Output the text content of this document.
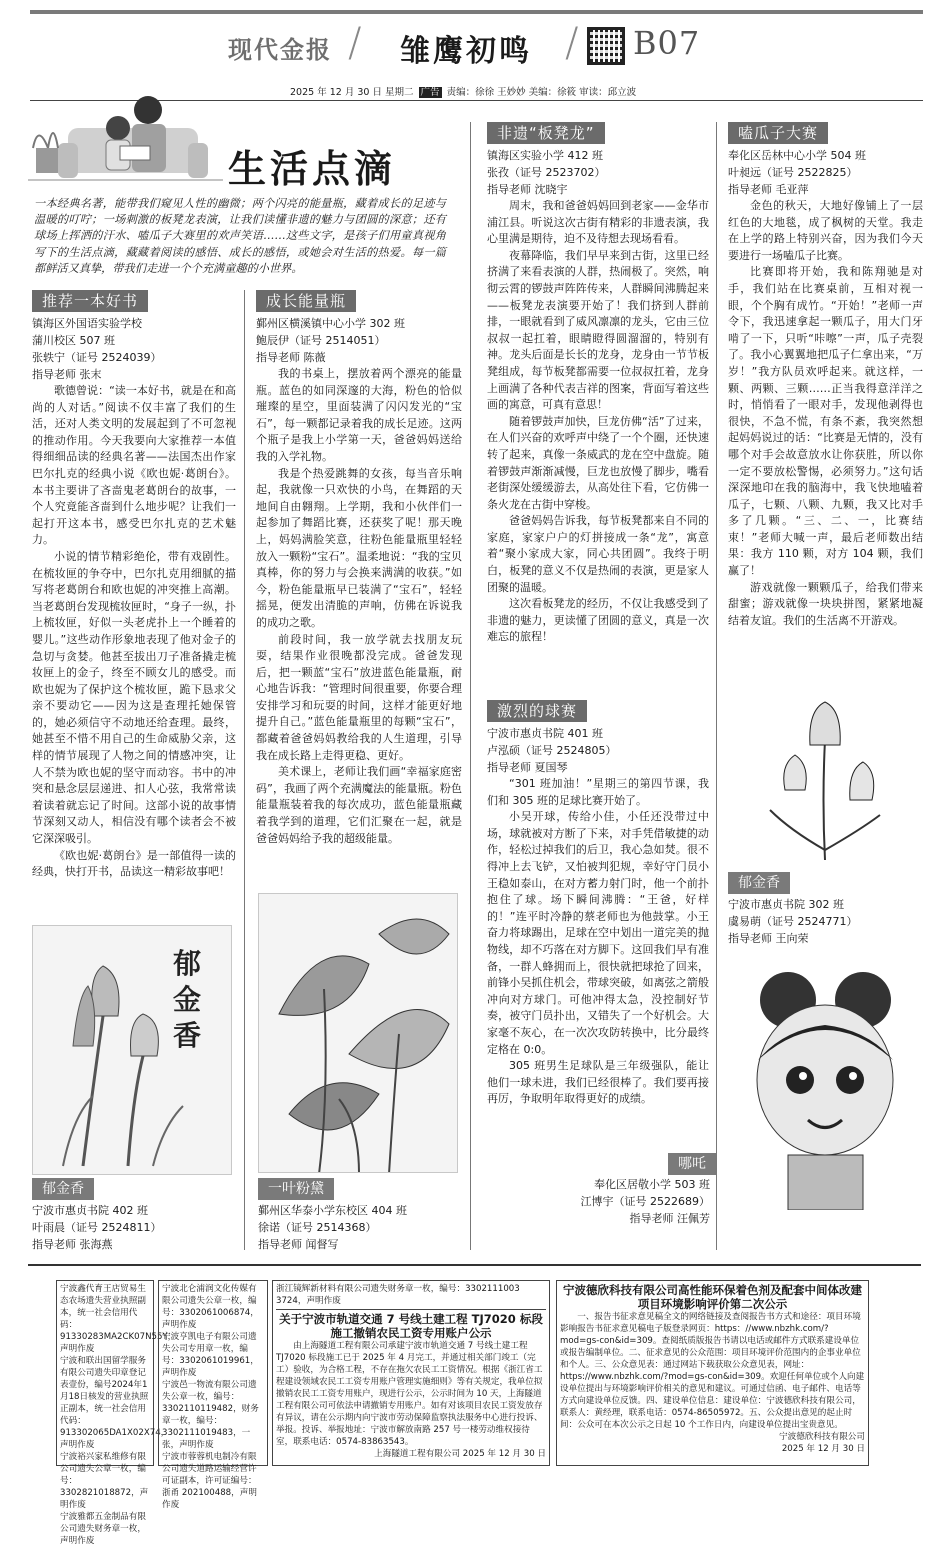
现代金报 / 雏鹰初鸣 / B07
2025 年 12 月 30 日 星期二 广告 责编：徐徐 王妙妙 美编：徐筱 审读：邱立波
生活点滴
一本经典名著，能带我们窥见人性的幽微；两个闪亮的能量瓶，藏着成长的足迹与温暖的叮咛；一场刺激的板凳龙表演，让我们读懂非遗的魅力与团圆的深意；还有球场上挥洒的汗水、嗑瓜子大赛里的欢声笑语……这些文字，是孩子们用童真视角写下的生活点滴，藏藏着阅读的感悟、成长的感悟，或她会对生活的热爱。每一篇都鲜活又真挚，带我们走进一个个充满童趣的小世界。
推荐一本好书
镇海区外国语实验学校
蒲川校区 507 班
张轶宁（证号 2524039）
指导老师 张末

歌德曾说：“读一本好书，就是在和高尚的人对话。”阅读不仅丰富了我们的生活，还对人类文明的发展起到了不可忽视的推动作用。今天我要向大家推荐一本值得细细品读的经典名著——法国杰出作家巴尔扎克的经典小说《欧也妮·葛朗台》。本书主要讲了吝啬鬼老葛朗台的故事，一个人究竟能吝啬到什么地步呢？让我们一起打开这本书，感受巴尔扎克的艺术魅力。

小说的情节精彩绝伦，带有戏剧性。在梳妆匣的争夺中，巴尔扎克用细腻的描写将老葛朗台和欧也妮的冲突推上高潮。当老葛朗台发现梳妆匣时，“身子一纵，扑上梳妆匣，好似一头老虎扑上一个睡着的婴儿。”这些动作形象地表现了他对金子的急切与贪婪。他甚至拔出刀子准备撬走梳妆匣上的金子，终至不顾女儿的感受。而欧也妮为了保护这个梳妆匣，跪下恳求父亲不要动它——因为这是查理托她保管的，她必须信守不动地还给查理。最终，她甚至不惜不用自己的生命威胁父亲，这样的情节展现了人物之间的情感冲突，让人不禁为欧也妮的坚守而动容。书中的冲突和悬念层层递进、扣人心弦，我常常读着读着就忘记了时间。这部小说的故事情节深刻又动人，相信没有哪个读者会不被它深深吸引。

《欧也妮·葛朗台》是一部值得一读的经典，快打开书，品读这一精彩故事吧！

郁金香
郁金香
宁波市惠贞书院 402 班
叶雨晨（证号 2524811）
指导老师 张海燕
成长能量瓶
鄞州区横溪镇中心小学 302 班
鲍辰伊（证号 2514051）
指导老师 陈薇

我的书桌上，摆放着两个漂亮的能量瓶。蓝色的如同深邃的大海，粉色的恰似璀璨的星空，里面装满了闪闪发光的“宝石”，每一颗都记录着我的成长足迹。这两个瓶子是我上小学第一天，爸爸妈妈送给我的入学礼物。

我是个热爱跳舞的女孩，每当音乐响起，我就像一只欢快的小鸟，在舞蹈的天地间自由翱翔。上学期，我和小伙伴们一起参加了舞蹈比赛，还获奖了呢！那天晚上，妈妈满脸笑意，往粉色能量瓶里轻轻放入一颗粉“宝石”。温柔地说：“我的宝贝真棒，你的努力与会换来满满的收获。”如今，粉色能量瓶早已装满了“宝石”，轻轻摇晃，便发出清脆的声响，仿佛在诉说我的成功之歌。

前段时间，我一放学就去找朋友玩耍，结果作业很晚都没完成。爸爸发现后，把一颗蓝“宝石”放进蓝色能量瓶，耐心地告诉我：“管理时间很重要，你要合理安排学习和玩耍的时间，这样才能更好地提升自己。”蓝色能量瓶里的每颗“宝石”，都藏着爸爸妈妈教给我的人生道理，引导我在成长路上走得更稳、更好。

美术课上，老师让我们画“幸福家庭密码”，我画了两个充满魔法的能量瓶。粉色能量瓶装着我的每次成功，蓝色能量瓶藏着我学到的道理，它们汇聚在一起，就是爸爸妈妈给予我的超级能量。

一叶粉黛
鄞州区华泰小学东校区 404 班
徐诺（证号 2514368）
指导老师 闻督写
非遗“板凳龙”
镇海区实验小学 412 班
张孜（证号 2523702）
指导老师 沈晓宇

周末，我和爸爸妈妈回到老家——金华市浦江县。听说这次古街有精彩的非遗表演，我心里满是期待，迫不及待想去现场看看。

夜幕降临，我们早早来到古街，这里已经挤满了来看表演的人群，热闹极了。突然，响彻云霄的锣鼓声阵阵传来，人群瞬间沸腾起来——板凳龙表演要开始了！我们挤到人群前排，一眼就看到了威风凛凛的龙头，它由三位叔叔一起扛着，眼睛瞪得圆溜溜的，特别有神。龙头后面是长长的龙身，龙身由一节节板凳组成，每节板凳都需要一位叔叔扛着，龙身上画满了各种代表吉祥的图案，背面写着这些画的寓意，可真有意思！

随着锣鼓声加快，巨龙仿佛“活”了过来，在人们兴奋的欢呼声中绕了一个个圈，还快速转了起来，真像一条威武的龙在空中盘旋。随着锣鼓声渐渐减慢，巨龙也放慢了脚步，嘴看老街深处缓缓游去，从高处往下看，它仿佛一条火龙在古街中穿梭。

爸爸妈妈告诉我，每节板凳都来自不同的家庭，家家户户的灯拼接成一条“龙”，寓意着“聚小家成大家，同心共团圆”。我终于明白，板凳的意义不仅是热闹的表演，更是家人团聚的温暖。

这次看板凳龙的经历，不仅让我感受到了非遗的魅力，更读懂了团圆的意义，真是一次难忘的旅程！

激烈的球赛
宁波市惠贞书院 401 班
卢泓硕（证号 2524805）
指导老师 夏国琴

“301 班加油！”星期三的第四节课，我们和 305 班的足球比赛开始了。

小吴开球，传给小佳，小任还没带过中场，球就被对方断了下来，对手凭借敏捷的动作，轻松过掉我们的后卫，我心急如焚。很不得冲上去飞铲，又怕被判犯规，幸好守门员小王稳如泰山，在对方蓄力射门时，他一个前扑抱住了球。场下瞬间沸腾：“王爸，好样的！”连平时冷静的蔡老师也为他鼓掌。小王奋力将球踢出，足球在空中划出一道完美的抛物线，却不巧落在对方脚下。这回我们早有准备，一群人蜂拥而上，很快就把球抢了回来，前锋小吴抓住机会，带球突破，如离弦之箭般冲向对方球门。可他冲得太急，没控制好节奏，被守门员扑出，又错失了一个好机会。大家毫不灰心，在一次次攻防转换中，比分最终定格在 0:0。

305 班男生足球队是三年级强队，能让他们一球未进，我们已经很棒了。我们要再接再厉，争取明年取得更好的成绩。

哪吒
奉化区居敬小学 503 班
江博宇（证号 2522689）
指导老师 汪佩芳
嗑瓜子大赛
奉化区岳林中心小学 504 班
叶昶远（证号 2522825）
指导老师 毛亚萍

金色的秋天，大地好像铺上了一层红色的大地毯，成了枫树的天堂。我走在上学的路上特别兴奋，因为我们今天要进行一场嗑瓜子比赛。

比赛即将开始，我和陈翔驰是对手，我们站在比赛桌前，互相对视一眼，个个胸有成竹。“开始！”老师一声令下，我迅速拿起一颗瓜子，用大门牙啃了一下，只听“咔嚓”一声，瓜子壳裂了。我小心翼翼地把瓜子仁拿出来，“万岁！”我方队员欢呼起来。就这样，一颗、两颗、三颗……正当我得意洋洋之时，悄悄看了一眼对手，发现他剥得也很快，不急不慌，有条不紊，我突然想起妈妈说过的话：“比赛是无情的，没有哪个对手会故意放水让你获胜，所以你一定不要放松警惕，必须努力。”这句话深深地印在我的脑海中，我飞快地嗑着瓜子，七颗、八颗、九颗，我又比对手多了几颗。“三、二、一，比赛结束！”老师大喊一声，最后老师数出结果：我方 110 颗，对方 104 颗，我们赢了！

游戏就像一颗颗瓜子，给我们带来甜蜜；游戏就像一块块拼图，紧紧地凝结着友谊。我们的生活离不开游戏。

郁金香
宁波市惠贞书院 302 班
虞易萌（证号 2524771）
指导老师 王向荣
宁波鑫代育王店贸易生态农场遗失营业执照副本，统一社会信用代码：91330283MA2CK07N55Y，声明作废
宁波和联出国留学服务有限公司遗失印章登记表壹份，编号2024年1月18日核发的营业执照正副本，统一社会信用代码：913302065DA1X02X74，声明作废
宁波裕兴家私维修有限公司遗失公章一枚，编号：3302821018872，声明作废
宁波雅都五金制品有限公司遗失财务章一枚，声明作废
宁波北仑浦润文化传媒有限公司遗失公章一枚，编号：3302061006874，声明作废
宁波亨凯电子有限公司遗失公司专用章一枚，编号：3302061019961，声明作废
宁波邑一物流有限公司遗失公章一枚，编号：3302110119482，财务章一枚，编号：3302111019483，一张，声明作废
宁波市蓉蓉机电制冷有限公司遗失道路运输经营许可证副本，许可证编号：浙甬 202100488，声明作废
浙江镜辉新材料有限公司遗失财务章一枚，编号：3302111003 3724，声明作废
关于宁波市轨道交通 7 号线土建工程 TJ7020 标段施工撤销农民工资专用账户公示
由上海隧道工程有限公司承建宁波市轨道交通 7 号线土建工程 TJ7020 标段施工已于 2025 年 4 月完工，并通过相关部门竣工（完工）验收，为合格工程，不存在拖欠农民工工资情况。根据《浙江省工程建设领域农民工工资专用账户管理实施细则》等有关规定，我单位拟撤销农民工工资专用账户，现进行公示，公示时间为 10 天，上海隧道工程有限公司可依法申请撤销专用账户。如有对该项目农民工资发放存有异议，请在公示期内向宁波市劳动保障监察执法服务中心进行投诉、举报。投诉、举报地址：宁波市解放南路 257 号一楼劳动维权接待室，联系电话：0574-83863543。
上海隧道工程有限公司 2025 年 12 月 30 日
宁波德欣科技有限公司高性能环保着色剂及配套中间体改建项目环境影响评价第二次公示
一、报告书征求意见稿全文的网络链接及查阅报告书方式和途径：项目环境影响报告书征求意见稿电子版登录网页：https：//www.nbzhk.com/?mod=gs-con&id=309。查阅纸质版报告书请以电话或邮件方式联系建设单位或报告编制单位。二、征求意见的公众范围：项目环境评价范围内的企事业单位和个人。三、公众意见表：通过网站下载获取公众意见表，网址：https://www.nbzhk.com/?mod=gs-con&id=309。欢迎任何单位或个人向建设单位提出与环境影响评价相关的意见和建议。可通过信函、电子邮件、电话等方式向建设单位反馈。四、建设单位信息：建设单位：宁波德欣科技有限公司，联系人：黄经理，联系电话：0574-86505972。五、公众提出意见的起止时间：公众可在本次公示之日起 10 个工作日内，向建设单位提出宝贵意见。
宁波德欣科技有限公司
2025 年 12 月 30 日
